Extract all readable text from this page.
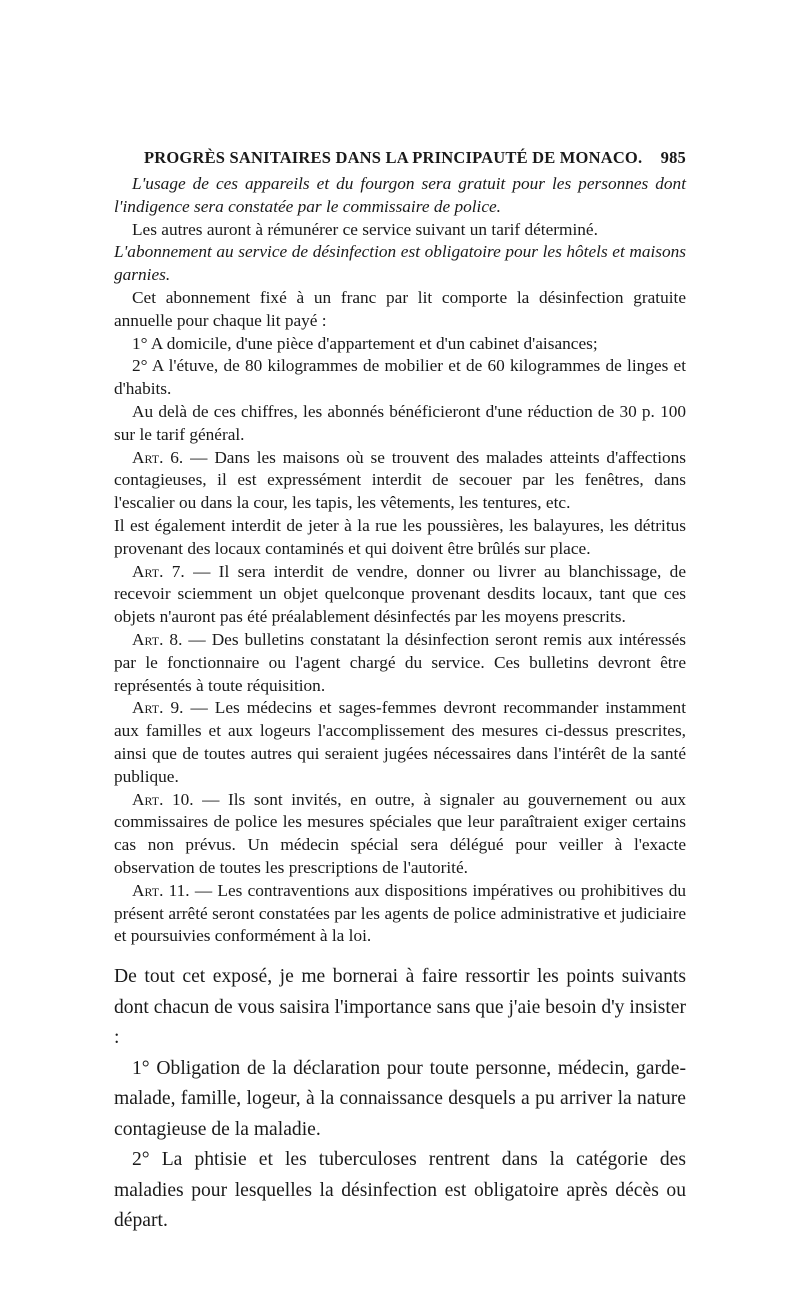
PROGRÈS SANITAIRES DANS LA PRINCIPAUTÉ DE MONACO. 985

L'usage de ces appareils et du fourgon sera gratuit pour les personnes dont l'indigence sera constatée par le commissaire de police.

Les autres auront à rémunérer ce service suivant un tarif déterminé.

L'abonnement au service de désinfection est obligatoire pour les hôtels et maisons garnies.

Cet abonnement fixé à un franc par lit comporte la désinfection gratuite annuelle pour chaque lit payé :

1° A domicile, d'une pièce d'appartement et d'un cabinet d'aisances;

2° A l'étuve, de 80 kilogrammes de mobilier et de 60 kilogrammes de linges et d'habits.

Au delà de ces chiffres, les abonnés bénéficieront d'une réduction de 30 p. 100 sur le tarif général.

Art. 6. — Dans les maisons où se trouvent des malades atteints d'affections contagieuses, il est expressément interdit de secouer par les fenêtres, dans l'escalier ou dans la cour, les tapis, les vêtements, les tentures, etc.

Il est également interdit de jeter à la rue les poussières, les balayures, les détritus provenant des locaux contaminés et qui doivent être brûlés sur place.

Art. 7. — Il sera interdit de vendre, donner ou livrer au blanchissage, de recevoir sciemment un objet quelconque provenant desdits locaux, tant que ces objets n'auront pas été préalablement désinfectés par les moyens prescrits.

Art. 8. — Des bulletins constatant la désinfection seront remis aux intéressés par le fonctionnaire ou l'agent chargé du service. Ces bulletins devront être représentés à toute réquisition.

Art. 9. — Les médecins et sages-femmes devront recommander instamment aux familles et aux logeurs l'accomplissement des mesures ci-dessus prescrites, ainsi que de toutes autres qui seraient jugées nécessaires dans l'intérêt de la santé publique.

Art. 10. — Ils sont invités, en outre, à signaler au gouvernement ou aux commissaires de police les mesures spéciales que leur paraîtraient exiger certains cas non prévus. Un médecin spécial sera délégué pour veiller à l'exacte observation de toutes les prescriptions de l'autorité.

Art. 11. — Les contraventions aux dispositions impératives ou prohibitives du présent arrêté seront constatées par les agents de police administrative et judiciaire et poursuivies conformément à la loi.

De tout cet exposé, je me bornerai à faire ressortir les points suivants dont chacun de vous saisira l'importance sans que j'aie besoin d'y insister :

1° Obligation de la déclaration pour toute personne, médecin, garde-malade, famille, logeur, à la connaissance desquels a pu arriver la nature contagieuse de la maladie.

2° La phtisie et les tuberculoses rentrent dans la catégorie des maladies pour lesquelles la désinfection est obligatoire après décès ou départ.
